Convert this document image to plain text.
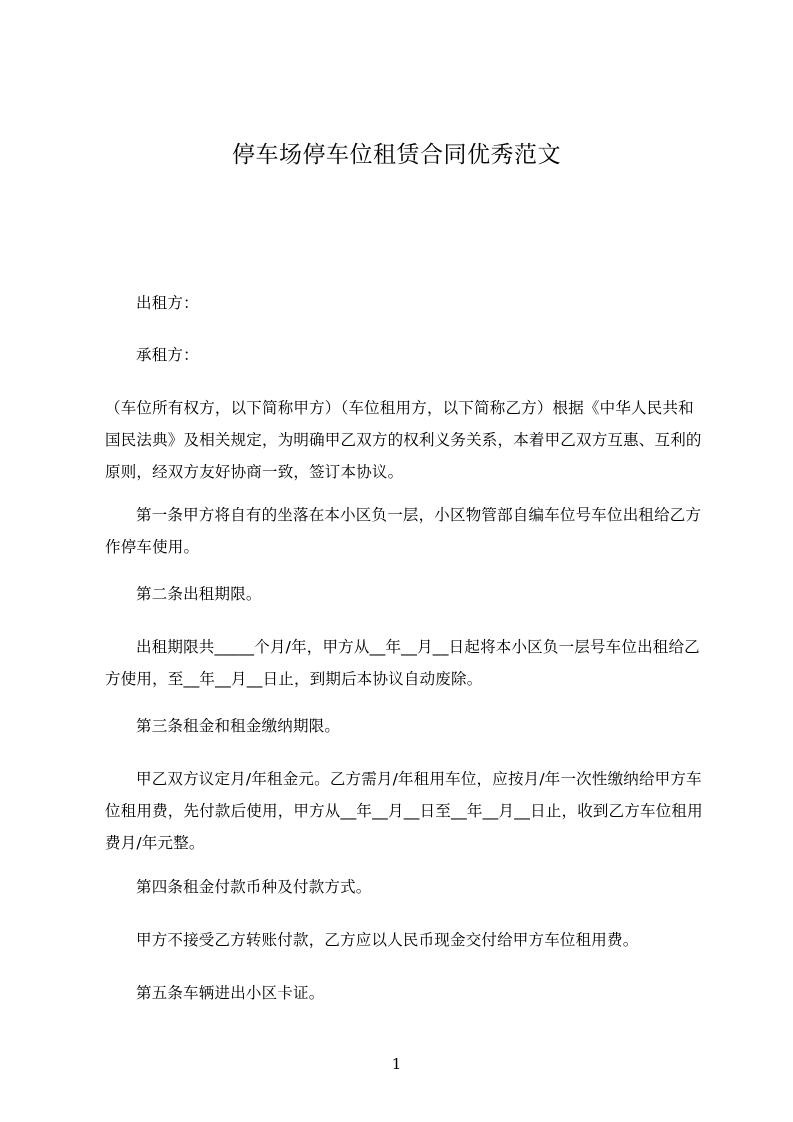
停车场停车位租赁合同优秀范文

出租方：

承租方：

（车位所有权方，以下简称甲方）（车位租用方，以下简称乙方）根据《中华人民共和国民法典》及相关规定，为明确甲乙双方的权利义务关系，本着甲乙双方互惠、互利的原则，经双方友好协商一致，签订本协议。

第一条甲方将自有的坐落在本小区负一层，小区物管部自编车位号车位出租给乙方作停车使用。

第二条出租期限。

出租期限共_____个月/年，甲方从__年__月__日起将本小区负一层号车位出租给乙方使用，至__年__月__日止，到期后本协议自动废除。

第三条租金和租金缴纳期限。

甲乙双方议定月/年租金元。乙方需月/年租用车位，应按月/年一次性缴纳给甲方车位租用费，先付款后使用，甲方从__年__月__日至__年__月__日止，收到乙方车位租用费月/年元整。

第四条租金付款币种及付款方式。

甲方不接受乙方转账付款，乙方应以人民币现金交付给甲方车位租用费。

第五条车辆进出小区卡证。

1
